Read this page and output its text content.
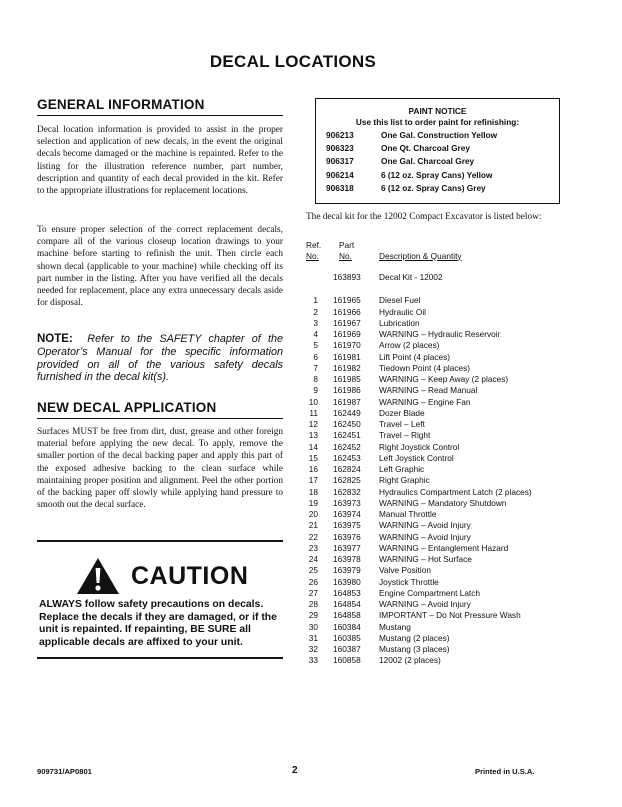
DECAL LOCATIONS
GENERAL INFORMATION

Decal location information is provided to assist in the proper selection and application of new decals, in the event the original decals become damaged or the machine is repainted. Refer to the listing for the illustration reference number, part number, description and quantity of each decal provided in the kit. Refer to the appropriate illustrations for replacement locations.

To ensure proper selection of the correct replacement decals, compare all of the various closeup location drawings to your machine before starting to refinish the unit. Then circle each shown decal (applicable to your machine) while checking off its part number in the listing. After you have verified all the decals needed for replacement, place any extra unnecessary decals aside for disposal.

NOTE: Refer to the SAFETY chapter of the Operator’s Manual for the specific information provided on all of the various safety decals furnished in the decal kit(s).

NEW DECAL APPLICATION

Surfaces MUST be free from dirt, dust, grease and other foreign material before applying the new decal. To apply, remove the smaller portion of the decal backing paper and apply this part of the exposed adhesive backing to the clean surface while maintaining proper position and alignment. Peel the other portion of the backing paper off slowly while applying hand pressure to smooth out the decal surface.

CAUTION
ALWAYS follow safety precautions on decals. Replace the decals if they are damaged, or if the unit is repainted. If repainting, BE SURE all applicable decals are affixed to your unit.
PAINT NOTICE
Use this list to order paint for refinishing:
906213	One Gal. Construction Yellow
906323	One Qt. Charcoal Grey
906317	One Gal. Charcoal Grey
906214	6 (12 oz. Spray Cans) Yellow
906318	6 (12 oz. Spray Cans) Grey
The decal kit for the 12002 Compact Excavator is listed below:
Ref.
No.
Part
No.	Description & Quantity
163893 Decal Kit - 12002
1 161965 Diesel Fuel
2 161966 Hydraulic Oil
3 161967 Lubrication
4 161969 WARNING – Hydraulic Reservoir
5 161970 Arrow (2 places)
6 161981 Lift Point (4 places)
7 161982 Tiedown Point (4 places)
8 161985 WARNING – Keep Away (2 places)
9 161986 WARNING – Read Manual
10 161987 WARNING – Engine Fan
11 162449 Dozer Blade
12 162450 Travel – Left
13 162451 Travel – Right
14 162452 Right Joystick Control
15 162453 Left Joystick Control
16 162824 Left Graphic
17 162825 Right Graphic
18 162832 Hydraulics Compartment Latch (2 places)
19 163973 WARNING – Mandatory Shutdown
20 163974 Manual Throttle
21 163975 WARNING – Avoid Injury
22 163976 WARNING – Avoid Injury
23 163977 WARNING – Entanglement Hazard
24 163978 WARNING – Hot Surface
25 163979 Valve Position
26 163980 Joystick Throttle
27 164853 Engine Compartment Latch
28 164854 WARNING – Avoid Injury
29 164858 IMPORTANT – Do Not Pressure Wash
30 160384 Mustang
31 160385 Mustang (2 places)
32 160387 Mustang (3 places)
33 160858 12002 (2 places)
909731/AP0801	2	Printed in U.S.A.
